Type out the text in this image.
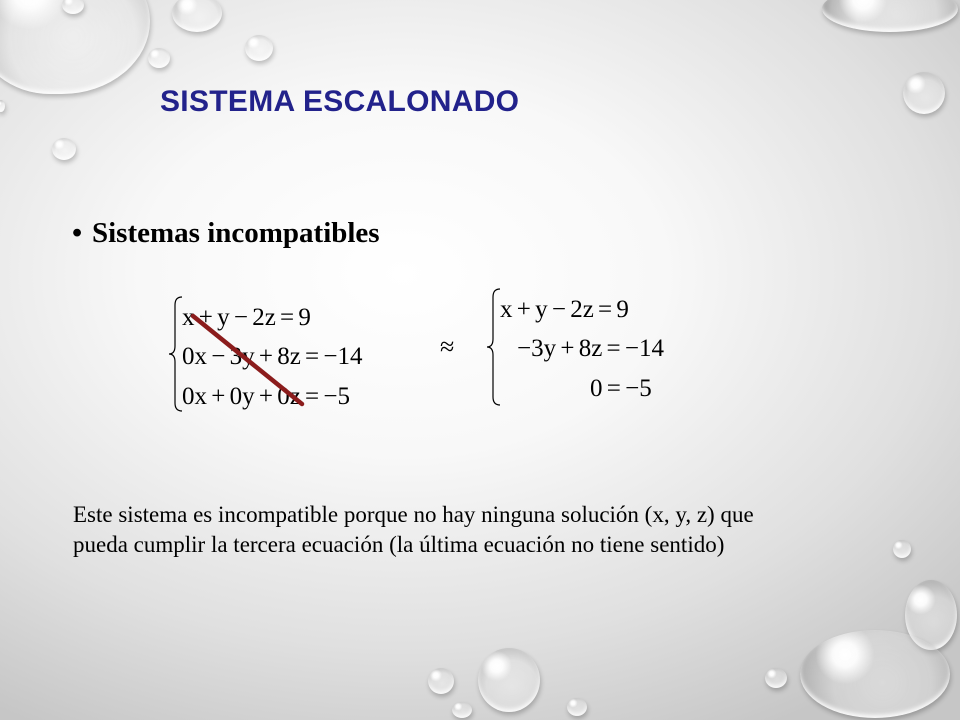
SISTEMA ESCALONADO
• Sistemas incompatibles
x + y − 2z = 9
0x − 3y + 8z = −14
0x + 0y + 0z = −5
≈
x + y − 2z = 9
−3y + 8z = −14
0 = −5
Este sistema es incompatible porque no hay ninguna solución (x, y, z) que
pueda cumplir la tercera ecuación (la última ecuación no tiene sentido)
